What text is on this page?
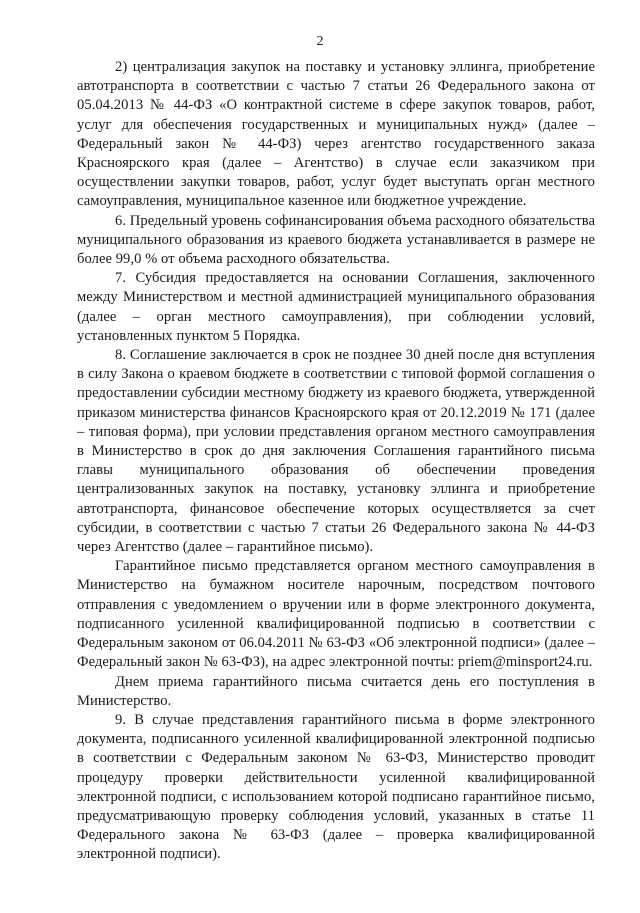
2

2) централизация закупок на поставку и установку эллинга, приобретение автотранспорта в соответствии с частью 7 статьи 26 Федерального закона от 05.04.2013 № 44-ФЗ «О контрактной системе в сфере закупок товаров, работ, услуг для обеспечения государственных и муниципальных нужд» (далее – Федеральный закон № 44-ФЗ) через агентство государственного заказа Красноярского края (далее – Агентство) в случае если заказчиком при осуществлении закупки товаров, работ, услуг будет выступать орган местного самоуправления, муниципальное казенное или бюджетное учреждение.

6. Предельный уровень софинансирования объема расходного обязательства муниципального образования из краевого бюджета устанавливается в размере не более 99,0 % от объема расходного обязательства.

7. Субсидия предоставляется на основании Соглашения, заключенного между Министерством и местной администрацией муниципального образования (далее – орган местного самоуправления), при соблюдении условий, установленных пунктом 5 Порядка.

8. Соглашение заключается в срок не позднее 30 дней после дня вступления в силу Закона о краевом бюджете в соответствии с типовой формой соглашения о предоставлении субсидии местному бюджету из краевого бюджета, утвержденной приказом министерства финансов Красноярского края от 20.12.2019 № 171 (далее – типовая форма), при условии представления органом местного самоуправления в Министерство в срок до дня заключения Соглашения гарантийного письма главы муниципального образования об обеспечении проведения централизованных закупок на поставку, установку эллинга и приобретение автотранспорта, финансовое обеспечение которых осуществляется за счет субсидии, в соответствии с частью 7 статьи 26 Федерального закона № 44-ФЗ через Агентство (далее – гарантийное письмо).

Гарантийное письмо представляется органом местного самоуправления в Министерство на бумажном носителе нарочным, посредством почтового отправления с уведомлением о вручении или в форме электронного документа, подписанного усиленной квалифицированной подписью в соответствии с Федеральным законом от 06.04.2011 № 63-ФЗ «Об электронной подписи» (далее – Федеральный закон № 63-ФЗ), на адрес электронной почты: priem@minsport24.ru.

Днем приема гарантийного письма считается день его поступления в Министерство.

9. В случае представления гарантийного письма в форме электронного документа, подписанного усиленной квалифицированной электронной подписью в соответствии с Федеральным законом № 63-ФЗ, Министерство проводит процедуру проверки действительности усиленной квалифицированной электронной подписи, с использованием которой подписано гарантийное письмо, предусматривающую проверку соблюдения условий, указанных в статье 11 Федерального закона № 63-ФЗ (далее – проверка квалифицированной электронной подписи).
